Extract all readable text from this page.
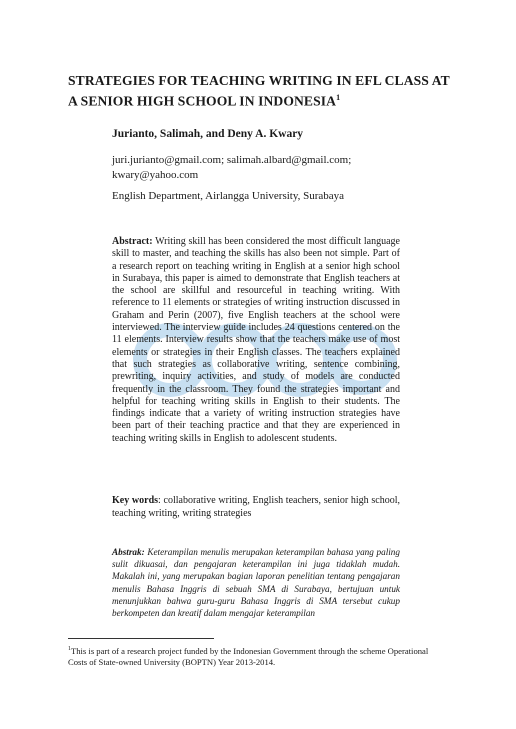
STRATEGIES FOR TEACHING WRITING IN EFL CLASS AT A SENIOR HIGH SCHOOL IN INDONESIA$^1$

Jurianto, Salimah, and Deny A. Kwary

juri.jurianto@gmail.com; salimah.albard@gmail.com; kwary@yahoo.com

English Department, Airlangga University, Surabaya

Abstract: Writing skill has been considered the most difficult language skill to master, and teaching the skills has also been not simple. Part of a research report on teaching writing in English at a senior high school in Surabaya, this paper is aimed to demonstrate that English teachers at the school are skillful and resourceful in teaching writing. With reference to 11 elements or strategies of writing instruction discussed in Graham and Perin (2007), five English teachers at the school were interviewed. The interview guide includes 24 questions centered on the 11 elements. Interview results show that the teachers make use of most elements or strategies in their English classes. The teachers explained that such strategies as collaborative writing, sentence combining, prewriting, inquiry activities, and study of models are conducted frequently in the classroom. They found the strategies important and helpful for teaching writing skills in English to their students. The findings indicate that a variety of writing instruction strategies have been part of their teaching practice and that they are experienced in teaching writing skills in English to adolescent students.

Key words: collaborative writing, English teachers, senior high school, teaching writing, writing strategies

Abstrak: Keterampilan menulis merupakan keterampilan bahasa yang paling sulit dikuasai, dan pengajaran keterampilan ini juga tidaklah mudah. Makalah ini, yang merupakan bagian laporan penelitian tentang pengajaran menulis Bahasa Inggris di sebuah SMA di Surabaya, bertujuan untuk menunjukkan bahwa guru-guru Bahasa Inggris di SMA tersebut cukup berkompeten dan kreatif dalam mengajar keterampilan

$^1$This is part of a research project funded by the Indonesian Government through the scheme Operational Costs of State-owned University (BOPTN) Year 2013-2014.
